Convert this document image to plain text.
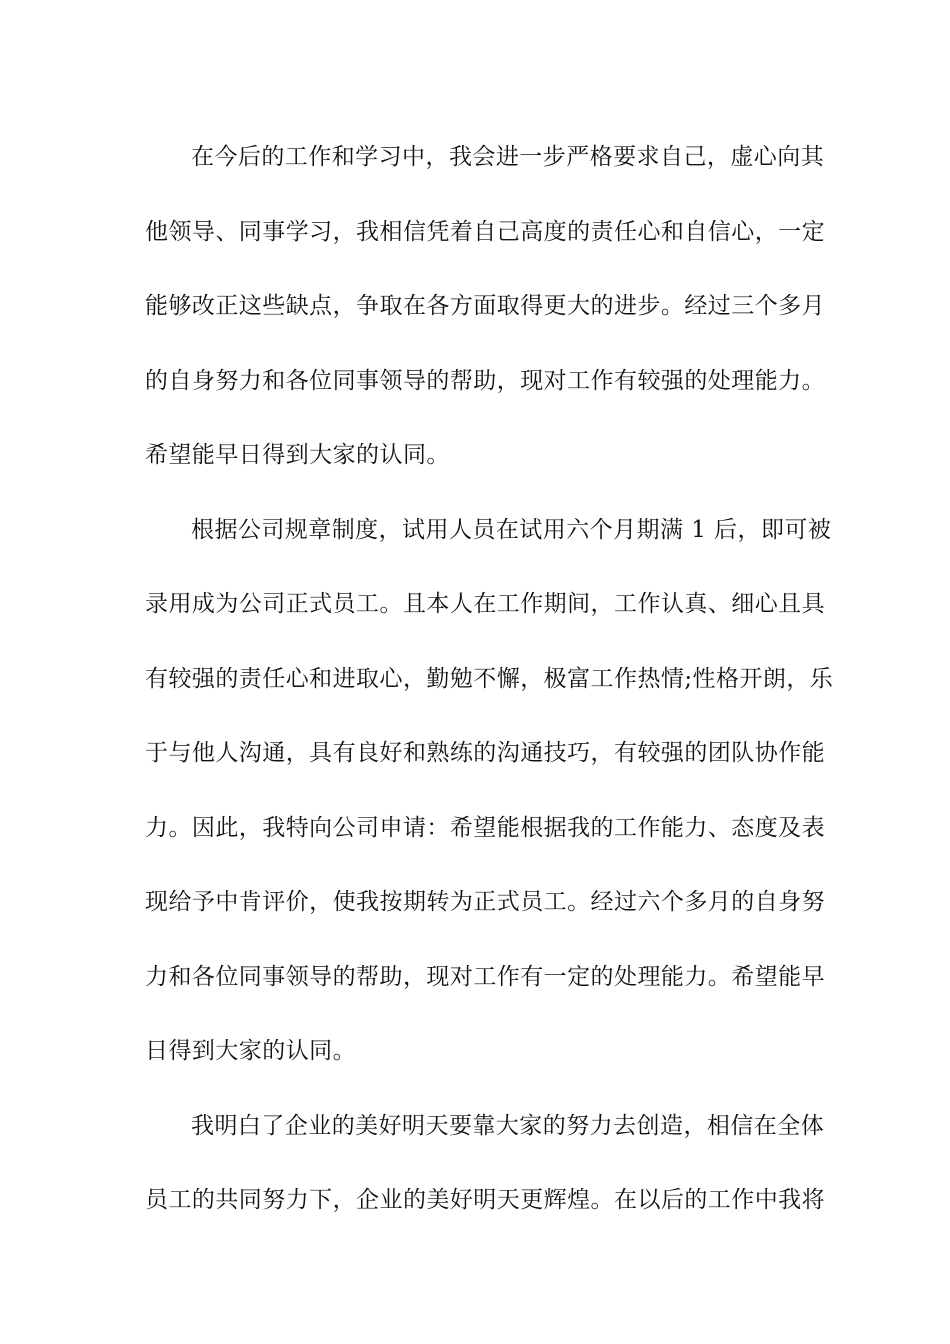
在今后的工作和学习中，我会进一步严格要求自己，虚心向其
他领导、同事学习，我相信凭着自己高度的责任心和自信心，一定
能够改正这些缺点，争取在各方面取得更大的进步。经过三个多月
的自身努力和各位同事领导的帮助，现对工作有较强的处理能力。
希望能早日得到大家的认同。
根据公司规章制度，试用人员在试用六个月期满 1 后，即可被
录用成为公司正式员工。且本人在工作期间，工作认真、细心且具
有较强的责任心和进取心，勤勉不懈，极富工作热情;性格开朗，乐
于与他人沟通，具有良好和熟练的沟通技巧，有较强的团队协作能
力。因此，我特向公司申请：希望能根据我的工作能力、态度及表
现给予中肯评价，使我按期转为正式员工。经过六个多月的自身努
力和各位同事领导的帮助，现对工作有一定的处理能力。希望能早
日得到大家的认同。
我明白了企业的美好明天要靠大家的努力去创造，相信在全体
员工的共同努力下，企业的美好明天更辉煌。在以后的工作中我将
